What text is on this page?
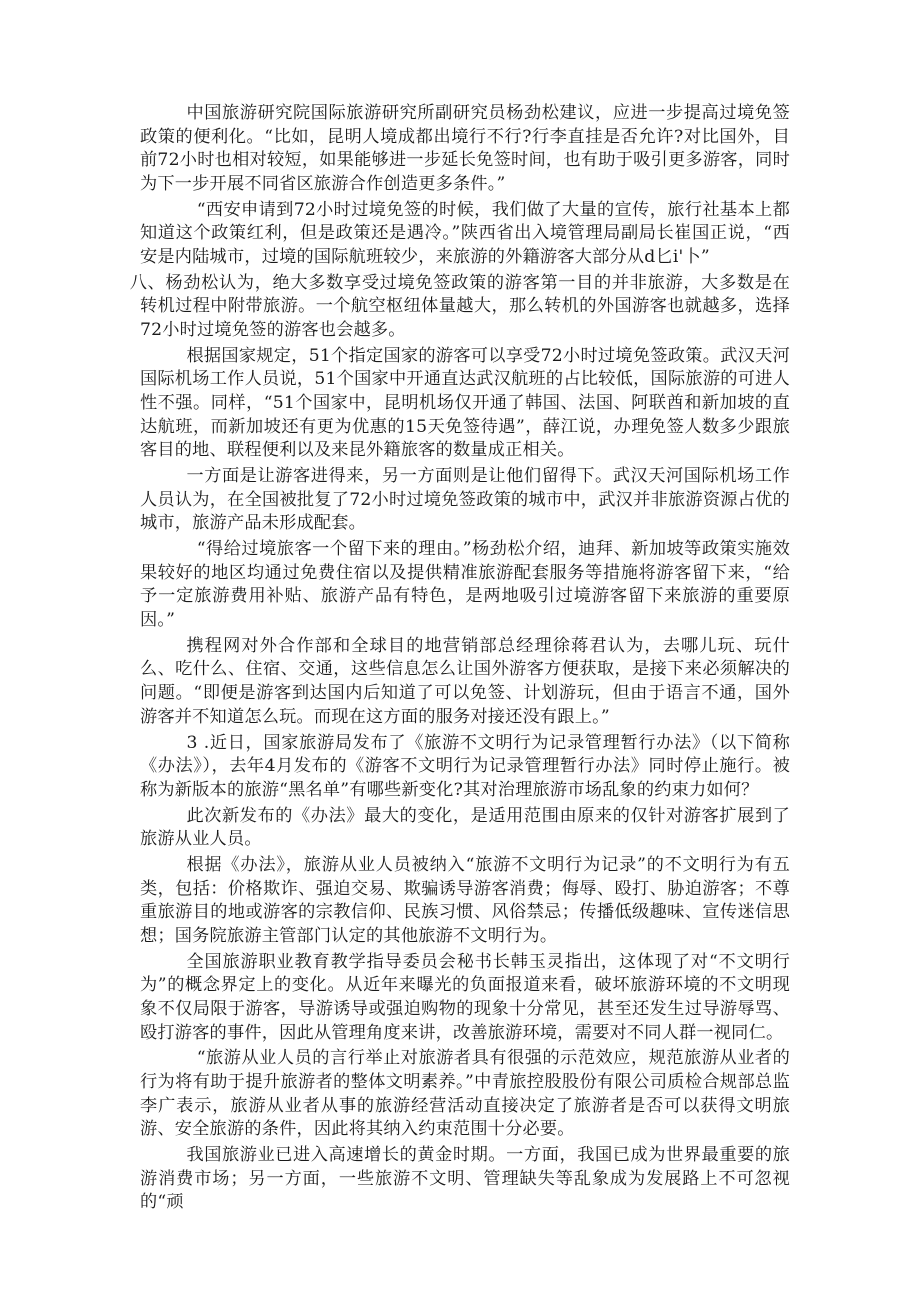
中国旅游研究院国际旅游研究所副研究员杨劲松建议，应进一步提高过境免签政策的便利化。“比如，昆明人境成都出境行不行?行李直挂是否允许?对比国外，目前72小时也相对较短，如果能够进一步延长免签时间，也有助于吸引更多游客，同时为下一步开展不同省区旅游合作创造更多条件。”

“西安申请到72小时过境免签的时候，我们做了大量的宣传，旅行社基本上都知道这个政策红利，但是政策还是遇冷。”陕西省出入境管理局副局长崔国正说，“西安是内陆城市，过境的国际航班较少，来旅游的外籍游客大部分从d匕i'卜”

八、杨劲松认为，绝大多数享受过境免签政策的游客第一目的并非旅游，大多数是在转机过程中附带旅游。一个航空枢纽体量越大，那么转机的外国游客也就越多，选择72小时过境免签的游客也会越多。

根据国家规定，51个指定国家的游客可以享受72小时过境免签政策。武汉天河国际机场工作人员说，51个国家中开通直达武汉航班的占比较低，国际旅游的可进人性不强。同样，“51个国家中，昆明机场仅开通了韩国、法国、阿联酋和新加坡的直达航班，而新加坡还有更为优惠的15天免签待遇”，薛江说，办理免签人数多少跟旅客目的地、联程便利以及来昆外籍旅客的数量成正相关。

一方面是让游客进得来，另一方面则是让他们留得下。武汉天河国际机场工作人员认为，在全国被批复了72小时过境免签政策的城市中，武汉并非旅游资源占优的城市，旅游产品未形成配套。

“得给过境旅客一个留下来的理由。”杨劲松介绍，迪拜、新加坡等政策实施效果较好的地区均通过免费住宿以及提供精准旅游配套服务等措施将游客留下来，“给予一定旅游费用补贴、旅游产品有特色，是两地吸引过境游客留下来旅游的重要原因。”

携程网对外合作部和全球目的地营销部总经理徐蒋君认为，去哪儿玩、玩什么、吃什么、住宿、交通，这些信息怎么让国外游客方便获取，是接下来必须解决的问题。“即便是游客到达国内后知道了可以免签、计划游玩，但由于语言不通，国外游客并不知道怎么玩。而现在这方面的服务对接还没有跟上。”

3 .近日，国家旅游局发布了《旅游不文明行为记录管理暂行办法》（以下简称《办法》），去年4月发布的《游客不文明行为记录管理暂行办法》同时停止施行。被称为新版本的旅游“黑名单”有哪些新变化?其对治理旅游市场乱象的约束力如何？

此次新发布的《办法》最大的变化，是适用范围由原来的仅针对游客扩展到了旅游从业人员。

根据《办法》，旅游从业人员被纳入“旅游不文明行为记录”的不文明行为有五类，包括：价格欺诈、强迫交易、欺骗诱导游客消费；侮辱、殴打、胁迫游客；不尊重旅游目的地或游客的宗教信仰、民族习惯、风俗禁忌；传播低级趣味、宣传迷信思想；国务院旅游主管部门认定的其他旅游不文明行为。

全国旅游职业教育教学指导委员会秘书长韩玉灵指出，这体现了对“不文明行为”的概念界定上的变化。从近年来曝光的负面报道来看，破坏旅游环境的不文明现象不仅局限于游客，导游诱导或强迫购物的现象十分常见，甚至还发生过导游辱骂、殴打游客的事件，因此从管理角度来讲，改善旅游环境，需要对不同人群一视同仁。

“旅游从业人员的言行举止对旅游者具有很强的示范效应，规范旅游从业者的行为将有助于提升旅游者的整体文明素养。”中青旅控股股份有限公司质检合规部总监李广表示，旅游从业者从事的旅游经营活动直接决定了旅游者是否可以获得文明旅游、安全旅游的条件，因此将其纳入约束范围十分必要。

我国旅游业已进入高速增长的黄金时期。一方面，我国已成为世界最重要的旅游消费市场；另一方面，一些旅游不文明、管理缺失等乱象成为发展路上不可忽视的“顽
